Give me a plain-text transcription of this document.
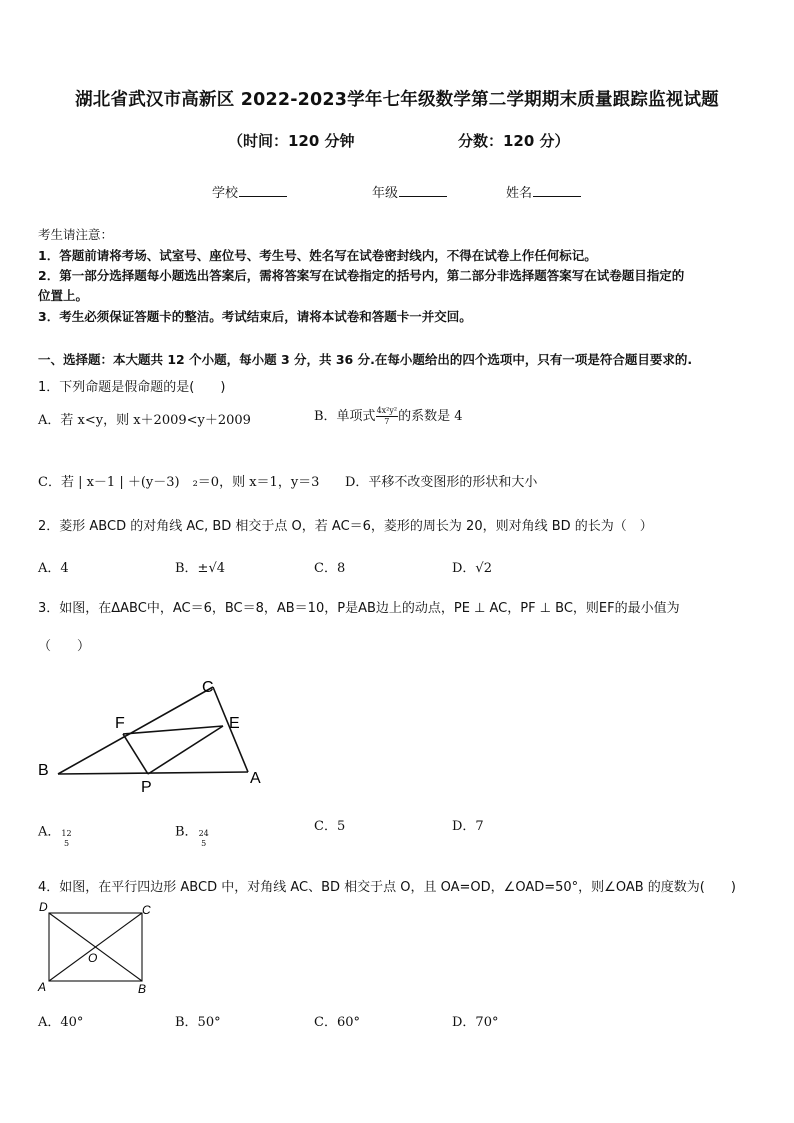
湖北省武汉市高新区 2022-2023学年七年级数学第二学期期末质量跟踪监视试题
（时间：120 分钟	分数：120 分）
学校	年级	姓名
考生请注意：
1．答题前请将考场、试室号、座位号、考生号、姓名写在试卷密封线内，不得在试卷上作任何标记。
2．第一部分选择题每小题选出答案后，需将答案写在试卷指定的括号内，第二部分非选择题答案写在试卷题目指定的
位置上。
3．考生必须保证答题卡的整洁。考试结束后，请将本试卷和答题卡一并交回。
一、选择题：本大题共 12 个小题，每小题 3 分，共 36 分.在每小题给出的四个选项中，只有一项是符合题目要求的.
1．下列命题是假命题的是(　　)
A．若 x<y，则 x＋2009<y＋2009	B．单项式 $\frac{\text{4x²y²}}{7}$ 的系数是 4
C．若 | x－1 | ＋(y－3)　₂＝0，则 x＝1，y＝3 D．平移不改变图形的形状和大小
2．菱形 ABCD 的对角线 AC, BD 相交于点 O，若 AC＝6，菱形的周长为 20，则对角线 BD 的长为（　）
A．4	B．±√4	C．8	D．√2
3．如图，在ΔABC中，AC＝6，BC＝8，AB＝10，P是AB边上的动点，PE ⊥ AC，PF ⊥ BC，则EF的最小值为
（　　）
B
C
F	E
P
A
A． 12
5
B． 24
5
C．5	D．7
4．如图，在平行四边形 ABCD 中，对角线 AC、BD 相交于点 O，且 OA=OD，∠OAD=50°，则∠OAB 的度数为(　　)
D	C
O
A	B
A．40°	B．50°	C．60°	D．70°
